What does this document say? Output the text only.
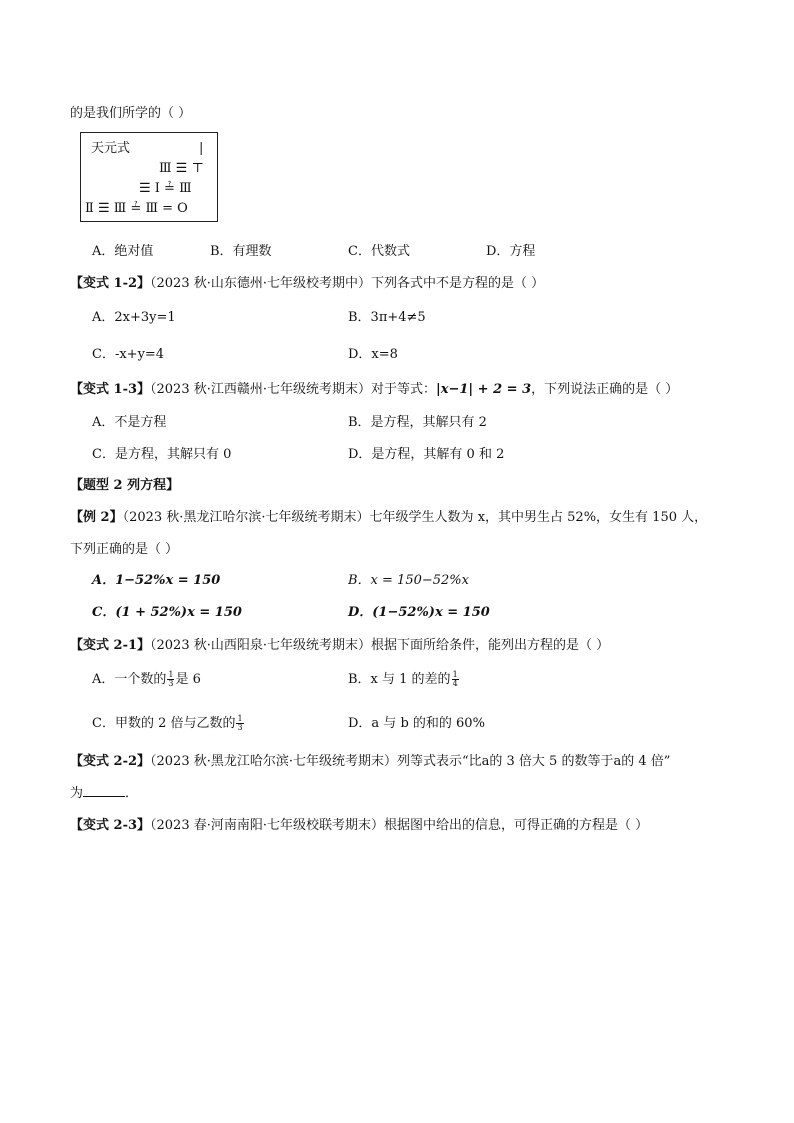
的是我们所学的（ ）
天元式	|
Ⅲ ☰ ⊤
☰ Ⅰ ≟ Ⅲ
Ⅱ ☰ Ⅲ ≟ Ⅲ = O
A．绝对值	B．有理数	C．代数式	D．方程
【变式 1-2】（2023 秋·山东德州·七年级校考期中）下列各式中不是方程的是（ ）
A．2x+3y=1	B．3π+4≠5
C．-x+y=4	D．x=8
【变式 1-3】（2023 秋·江西赣州·七年级统考期末）对于等式：|x−1| + 2 = 3，下列说法正确的是（ ）
A．不是方程	B．是方程，其解只有 2
C．是方程，其解只有 0	D．是方程，其解有 0 和 2
【题型 2 列方程】
【例 2】（2023 秋·黑龙江哈尔滨·七年级统考期末）七年级学生人数为 x，其中男生占 52%，女生有 150 人，
下列正确的是（ ）
A．1−52%x = 150	B．x = 150−52%x
C．(1 + 52%)x = 150	D．(1−52%)x = 150
【变式 2-1】（2023 秋·山西阳泉·七年级统考期末）根据下面所给条件，能列出方程的是（ ）
A．一个数的 $\frac{1}{3}$ 是 6	B．x 与 1 的差的 $\frac{1}{4}$
C．甲数的 2 倍与乙数的 $\frac{1}{3}$	D．a 与 b 的和的 60%
【变式 2-2】（2023 秋·黑龙江哈尔滨·七年级统考期末）列等式表示“比a的 3 倍大 5 的数等于a的 4 倍”
为	．
【变式 2-3】（2023 春·河南南阳·七年级校联考期末）根据图中给出的信息，可得正确的方程是（ ）
